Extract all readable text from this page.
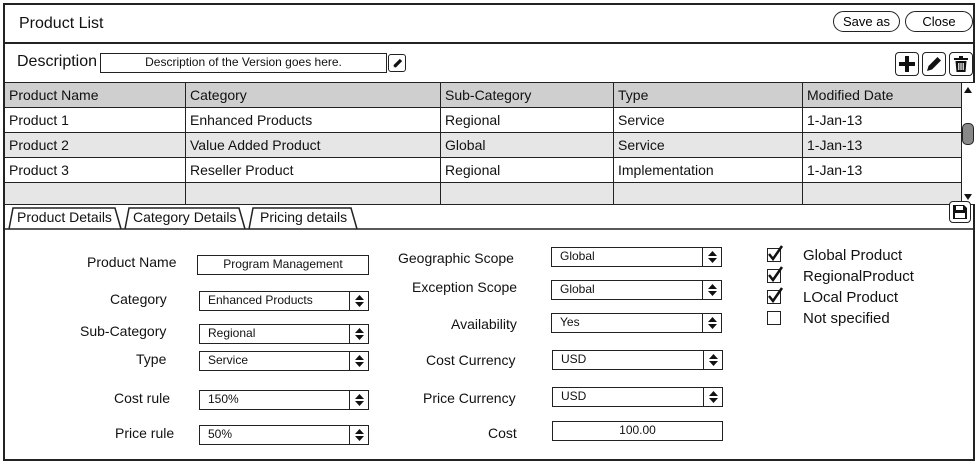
Product List	Save as	Close
Description	Description of the Version goes here.
Product Name	Category	Sub-Category	Type	Modified Date
Product 1	Enhanced Products	Regional	Service	1-Jan-13
Product 2	Value Added Product	Global	Service	1-Jan-13
Product 3	Reseller Product	Regional	Implementation	1-Jan-13
Product Details Category Details Pricing details
Product Name	Program Management
Category	Enhanced Products
Sub-Category	Regional
Type	Service
Cost rule	150%
Price rule	50%
Geographic Scope	Global
Exception Scope	Global
Availability	Yes
Cost Currency	USD
Price Currency	USD
Cost	100.00
Global Product
RegionalProduct
LOcal Product
Not specified
